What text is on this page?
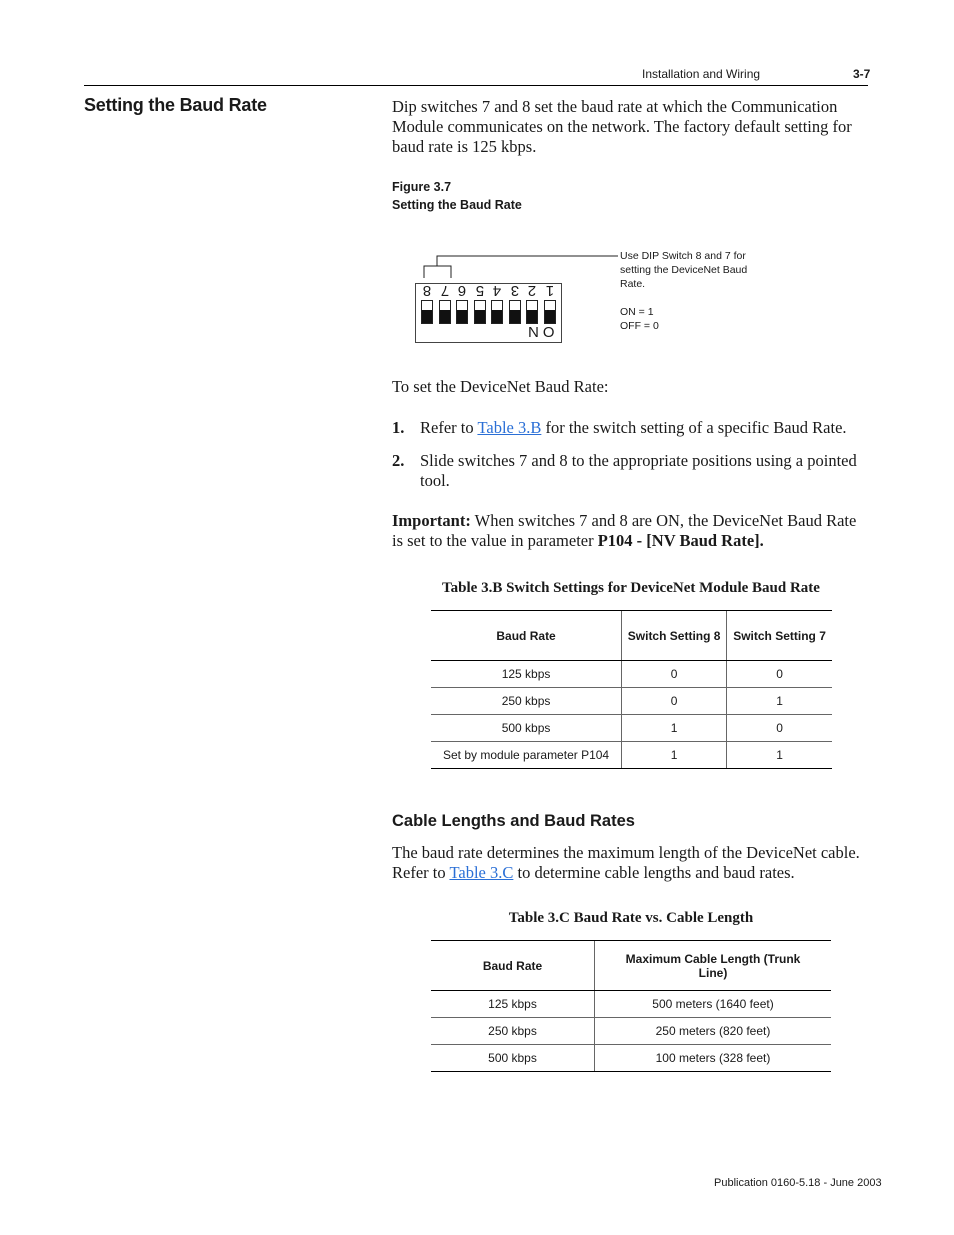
Installation and Wiring	3-7
Setting the Baud Rate	Dip switches 7 and 8 set the baud rate at which the Communication Module communicates on the network. The factory default setting for baud rate is 125 kbps.
Figure 3.7
Setting the Baud Rate
8 7 6 5 4 3 2 1
ON
Use DIP Switch 8 and 7 for setting the DeviceNet Baud Rate.
ON = 1
OFF = 0
To set the DeviceNet Baud Rate:
1. Refer to Table 3.B for the switch setting of a specific Baud Rate.
2. Slide switches 7 and 8 to the appropriate positions using a pointed tool.
Important: When switches 7 and 8 are ON, the DeviceNet Baud Rate is set to the value in parameter P104 - [NV Baud Rate].
Table 3.B Switch Settings for DeviceNet Module Baud Rate
Baud Rate	Switch Setting 8	Switch Setting 7
125 kbps	0	0
250 kbps	0	1
500 kbps	1	0
Set by module parameter P104	1	1
Cable Lengths and Baud Rates
The baud rate determines the maximum length of the DeviceNet cable. Refer to Table 3.C to determine cable lengths and baud rates.
Table 3.C Baud Rate vs. Cable Length
Baud Rate	Maximum Cable Length (Trunk Line)
125 kbps	500 meters (1640 feet)
250 kbps	250 meters (820 feet)
500 kbps	100 meters (328 feet)
Publication 0160-5.18 - June 2003
